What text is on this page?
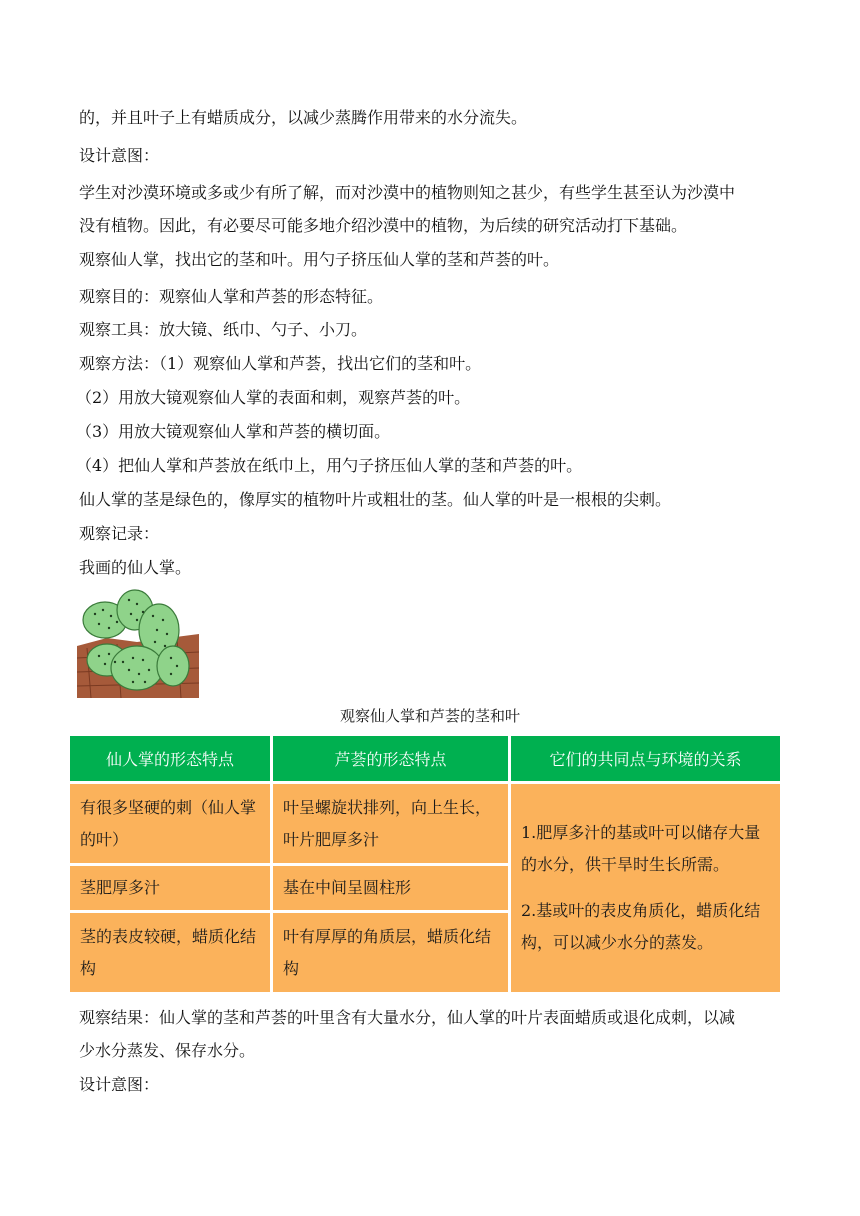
的，并且叶子上有蜡质成分，以减少蒸腾作用带来的水分流失。
设计意图：
学生对沙漠环境或多或少有所了解，而对沙漠中的植物则知之甚少，有些学生甚至认为沙漠中
没有植物。因此，有必要尽可能多地介绍沙漠中的植物，为后续的研究活动打下基础。
观察仙人掌，找出它的茎和叶。用勺子挤压仙人掌的茎和芦荟的叶。
观察目的：观察仙人掌和芦荟的形态特征。
观察工具：放大镜、纸巾、勺子、小刀。
观察方法：（1）观察仙人掌和芦荟，找出它们的茎和叶。
（2）用放大镜观察仙人掌的表面和刺，观察芦荟的叶。
（3）用放大镜观察仙人掌和芦荟的横切面。
（4）把仙人掌和芦荟放在纸巾上，用勺子挤压仙人掌的茎和芦荟的叶。
仙人掌的茎是绿色的，像厚实的植物叶片或粗壮的茎。仙人掌的叶是一根根的尖刺。
观察记录：
我画的仙人掌。
观察仙人掌和芦荟的茎和叶
仙人掌的形态特点	芦荟的形态特点	它们的共同点与环境的关系
有很多坚硬的刺（仙人掌的叶）	叶呈螺旋状排列，向上生长，叶片肥厚多汁	1.肥厚多汁的基或叶可以储存大量的水分，供干旱时生长所需。

2.基或叶的表皮角质化，蜡质化结构，可以减少水分的蒸发。

茎肥厚多汁	基在中间呈圆柱形	
茎的表皮较硬，蜡质化结构	叶有厚厚的角质层，蜡质化结构	
观察结果：仙人掌的茎和芦荟的叶里含有大量水分，仙人掌的叶片表面蜡质或退化成刺，以减
少水分蒸发、保存水分。
设计意图：
